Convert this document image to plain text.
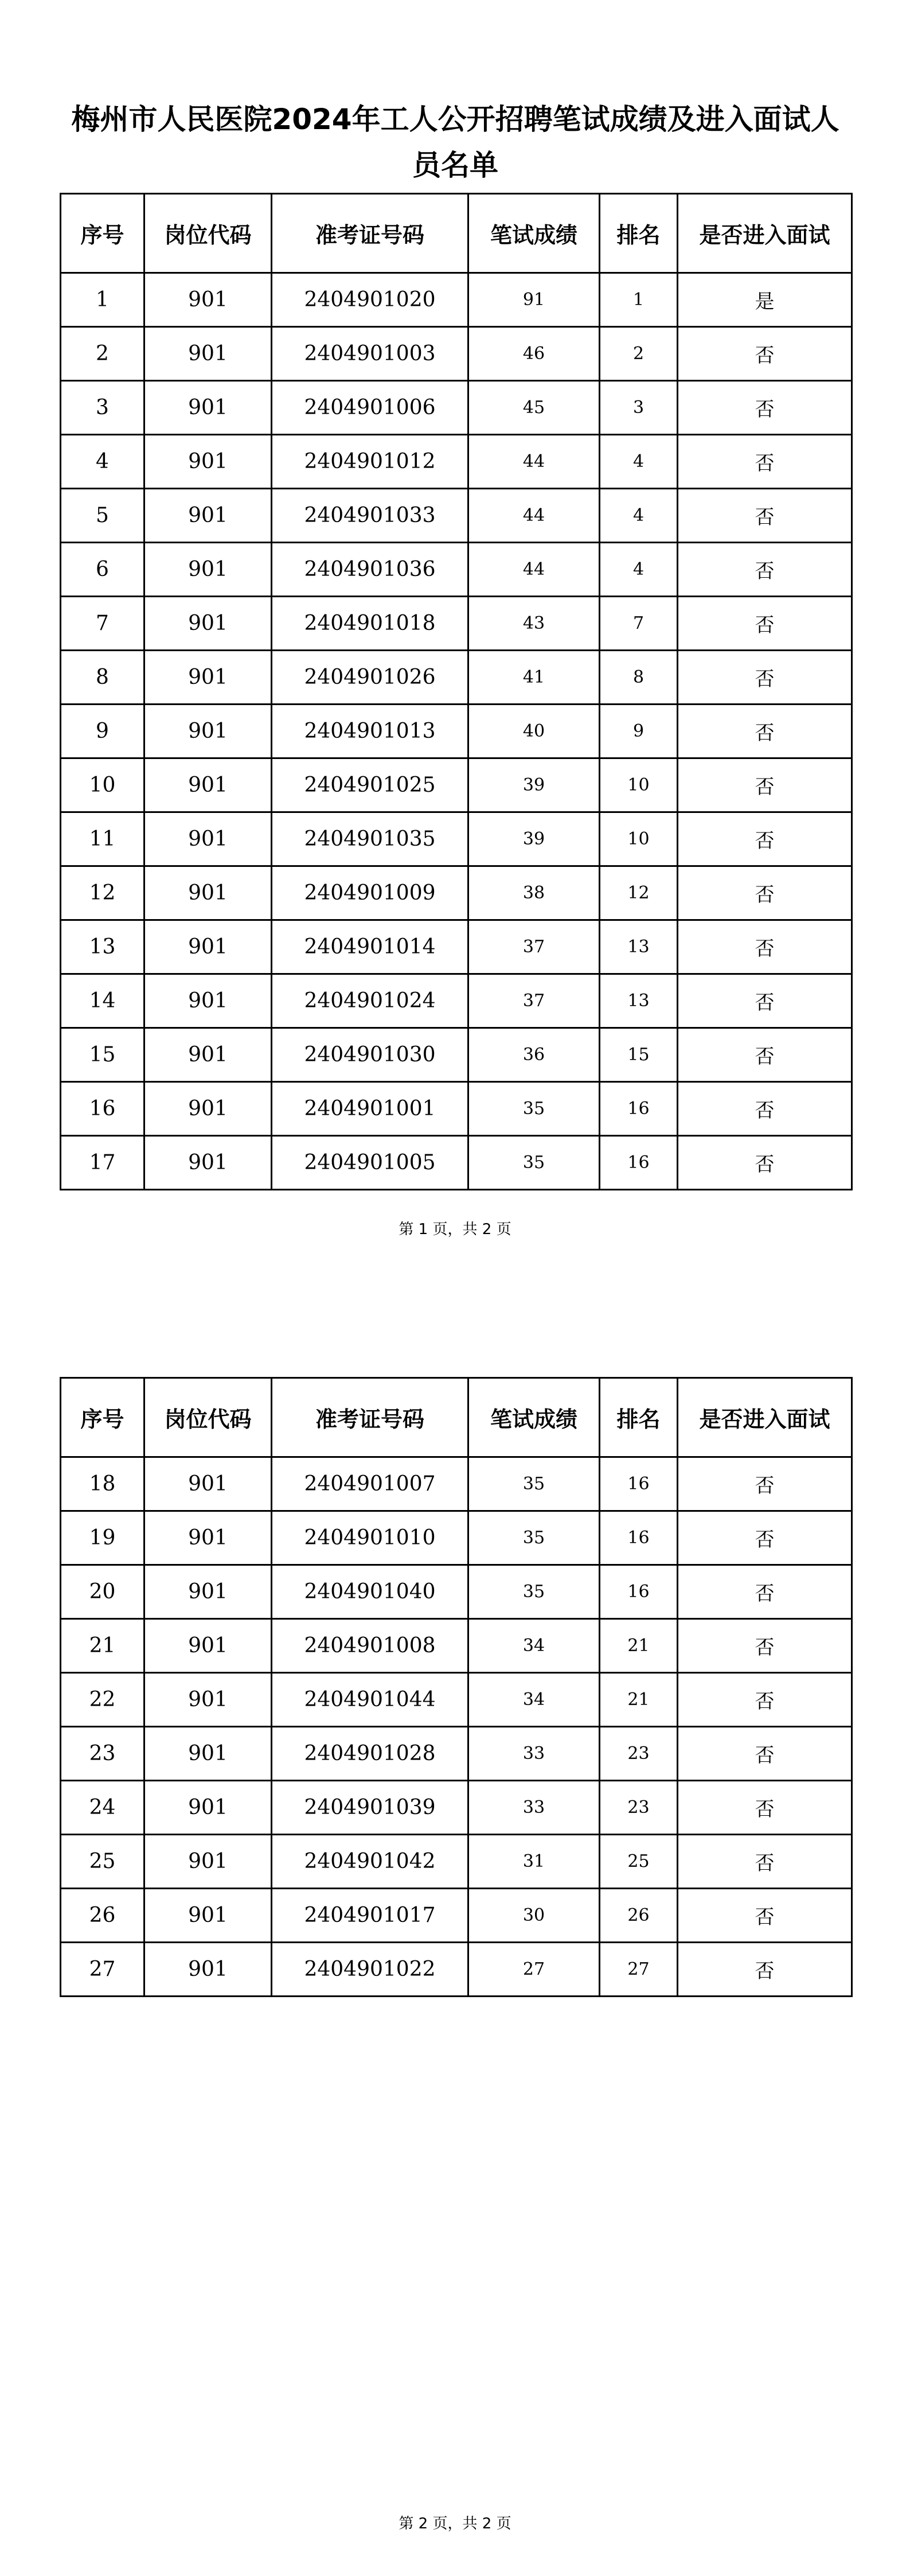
梅州市人民医院2024年工人公开招聘笔试成绩及进入面试人员名单
序号	岗位代码	准考证号码	笔试成绩	排名	是否进入面试
1	901	2404901020	91	1	是
2	901	2404901003	46	2	否
3	901	2404901006	45	3	否
4	901	2404901012	44	4	否
5	901	2404901033	44	4	否
6	901	2404901036	44	4	否
7	901	2404901018	43	7	否
8	901	2404901026	41	8	否
9	901	2404901013	40	9	否
10	901	2404901025	39	10	否
11	901	2404901035	39	10	否
12	901	2404901009	38	12	否
13	901	2404901014	37	13	否
14	901	2404901024	37	13	否
15	901	2404901030	36	15	否
16	901	2404901001	35	16	否
17	901	2404901005	35	16	否
第 1 页，共 2 页
序号	岗位代码	准考证号码	笔试成绩	排名	是否进入面试
18	901	2404901007	35	16	否
19	901	2404901010	35	16	否
20	901	2404901040	35	16	否
21	901	2404901008	34	21	否
22	901	2404901044	34	21	否
23	901	2404901028	33	23	否
24	901	2404901039	33	23	否
25	901	2404901042	31	25	否
26	901	2404901017	30	26	否
27	901	2404901022	27	27	否
第 2 页，共 2 页
